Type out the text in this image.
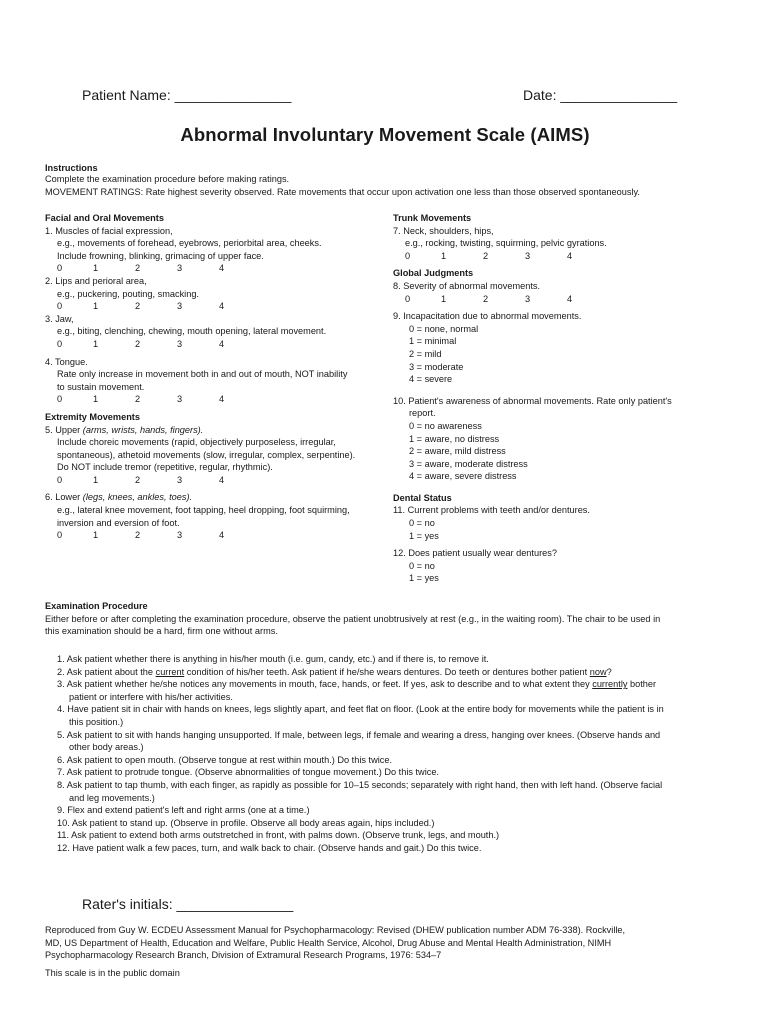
Patient Name: _______________	Date: _______________
Abnormal Involuntary Movement Scale (AIMS)
Instructions
Complete the examination procedure before making ratings.
MOVEMENT RATINGS: Rate highest severity observed. Rate movements that occur upon activation one less than those observed spontaneously.
Facial and Oral Movements
1. Muscles of facial expression,
e.g., movements of forehead, eyebrows, periorbital area, cheeks.
Include frowning, blinking, grimacing of upper face.
0	1	2	3	4
2. Lips and perioral area,
e.g., puckering, pouting, smacking.
0	1	2	3	4
3. Jaw,
e.g., biting, clenching, chewing, mouth opening, lateral movement.
0	1	2	3	4
4. Tongue.
Rate only increase in movement both in and out of mouth, NOT inability
to sustain movement.
0	1	2	3	4
Extremity Movements
5. Upper (arms, wrists, hands, fingers).
Include choreic movements (rapid, objectively purposeless, irregular,
spontaneous), athetoid movements (slow, irregular, complex, serpentine).
Do NOT include tremor (repetitive, regular, rhythmic).
0	1	2	3	4
6. Lower (legs, knees, ankles, toes).
e.g., lateral knee movement, foot tapping, heel dropping, foot squirming,
inversion and eversion of foot.
0	1	2	3	4
Trunk Movements
7. Neck, shoulders, hips,
e.g., rocking, twisting, squirming, pelvic gyrations.
0	1	2	3	4
Global Judgments
8. Severity of abnormal movements.
0	1	2	3	4
9. Incapacitation due to abnormal movements.
0 = none, normal
1 = minimal
2 = mild
3 = moderate
4 = severe
10. Patient's awareness of abnormal movements. Rate only patient's
report.
0 = no awareness
1 = aware, no distress
2 = aware, mild distress
3 = aware, moderate distress
4 = aware, severe distress
Dental Status
11. Current problems with teeth and/or dentures.
0 = no
1 = yes
12. Does patient usually wear dentures?
0 = no
1 = yes
Examination Procedure
Either before or after completing the examination procedure, observe the patient unobtrusively at rest (e.g., in the waiting room). The chair to be used in
this examination should be a hard, firm one without arms.
1. Ask patient whether there is anything in his/her mouth (i.e. gum, candy, etc.) and if there is, to remove it.
2. Ask patient about the current condition of his/her teeth. Ask patient if he/she wears dentures. Do teeth or dentures bother patient now?
3. Ask patient whether he/she notices any movements in mouth, face, hands, or feet. If yes, ask to describe and to what extent they currently bother
patient or interfere with his/her activities.
4. Have patient sit in chair with hands on knees, legs slightly apart, and feet flat on floor. (Look at the entire body for movements while the patient is in
this position.)
5. Ask patient to sit with hands hanging unsupported. If male, between legs, if female and wearing a dress, hanging over knees. (Observe hands and
other body areas.)
6. Ask patient to open mouth. (Observe tongue at rest within mouth.) Do this twice.
7. Ask patient to protrude tongue. (Observe abnormalities of tongue movement.) Do this twice.
8. Ask patient to tap thumb, with each finger, as rapidly as possible for 10–15 seconds; separately with right hand, then with left hand. (Observe facial
and leg movements.)
9. Flex and extend patient's left and right arms (one at a time.)
10. Ask patient to stand up. (Observe in profile. Observe all body areas again, hips included.)
11. Ask patient to extend both arms outstretched in front, with palms down. (Observe trunk, legs, and mouth.)
12. Have patient walk a few paces, turn, and walk back to chair. (Observe hands and gait.) Do this twice.
Rater's initials: _______________
Reproduced from Guy W. ECDEU Assessment Manual for Psychopharmacology: Revised (DHEW publication number ADM 76-338). Rockville,
MD, US Department of Health, Education and Welfare, Public Health Service, Alcohol, Drug Abuse and Mental Health Administration, NIMH
Psychopharmacology Research Branch, Division of Extramural Research Programs, 1976: 534–7
This scale is in the public domain
